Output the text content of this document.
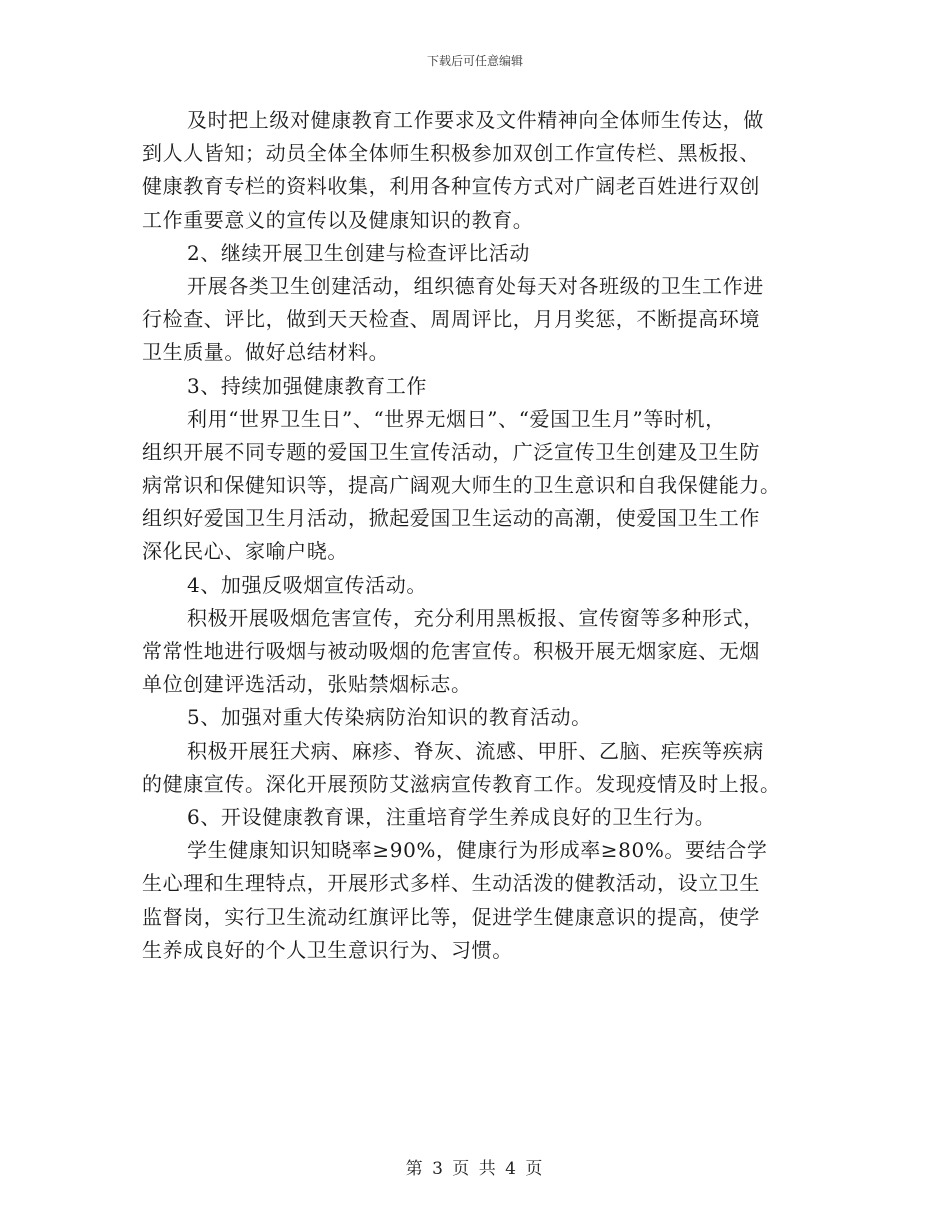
下载后可任意编辑
及时把上级对健康教育工作要求及文件精神向全体师生传达，做
到人人皆知；动员全体全体师生积极参加双创工作宣传栏、黑板报、
健康教育专栏的资料收集，利用各种宣传方式对广阔老百姓进行双创
工作重要意义的宣传以及健康知识的教育。
2、继续开展卫生创建与检查评比活动
开展各类卫生创建活动，组织德育处每天对各班级的卫生工作进
行检查、评比，做到天天检查、周周评比，月月奖惩，不断提高环境
卫生质量。做好总结材料。
3、持续加强健康教育工作
利用“世界卫生日”、“世界无烟日”、“爱国卫生月”等时机，
组织开展不同专题的爱国卫生宣传活动，广泛宣传卫生创建及卫生防
病常识和保健知识等，提高广阔观大师生的卫生意识和自我保健能力。
组织好爱国卫生月活动，掀起爱国卫生运动的高潮，使爱国卫生工作
深化民心、家喻户晓。
4、加强反吸烟宣传活动。
积极开展吸烟危害宣传，充分利用黑板报、宣传窗等多种形式，
常常性地进行吸烟与被动吸烟的危害宣传。积极开展无烟家庭、无烟
单位创建评选活动，张贴禁烟标志。
5、加强对重大传染病防治知识的教育活动。
积极开展狂犬病、麻疹、脊灰、流感、甲肝、乙脑、疟疾等疾病
的健康宣传。深化开展预防艾滋病宣传教育工作。发现疫情及时上报。
6、开设健康教育课，注重培育学生养成良好的卫生行为。
学生健康知识知晓率≥90%，健康行为形成率≥80%。要结合学
生心理和生理特点，开展形式多样、生动活泼的健教活动，设立卫生
监督岗，实行卫生流动红旗评比等，促进学生健康意识的提高，使学
生养成良好的个人卫生意识行为、习惯。
第 3 页 共 4 页
